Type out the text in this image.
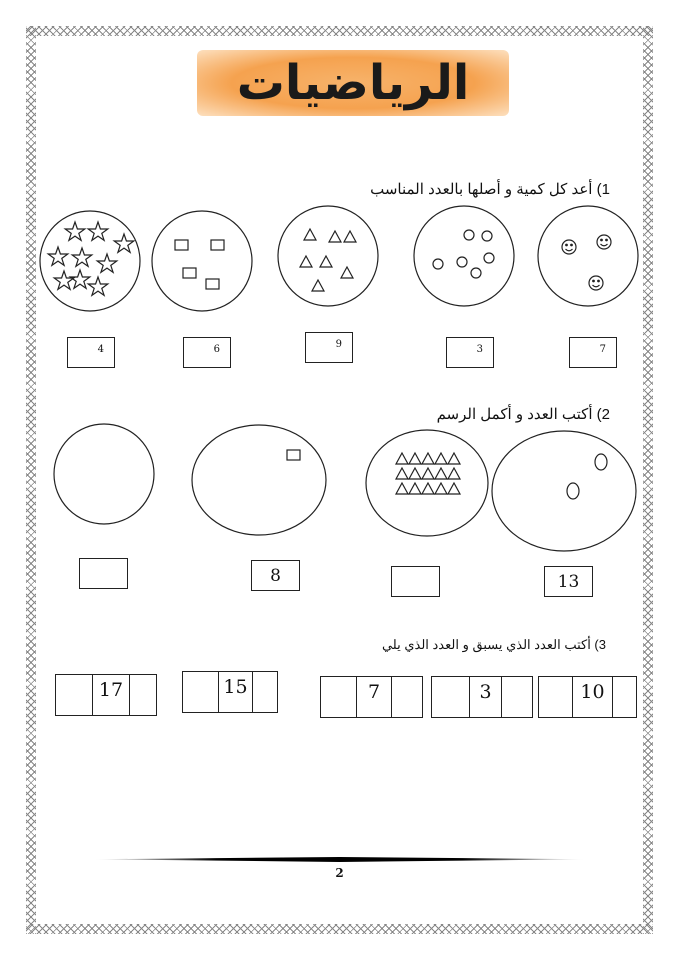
الرياضيات
1) أعد كل كمية و أصلها بالعدد المناسب
2) أكتب العدد و أكمل الرسم
3) أكتب العدد الذي يسبق و العدد الذي يلي
4	6	9	3	7
8	13
17	15	7	3	10
2
